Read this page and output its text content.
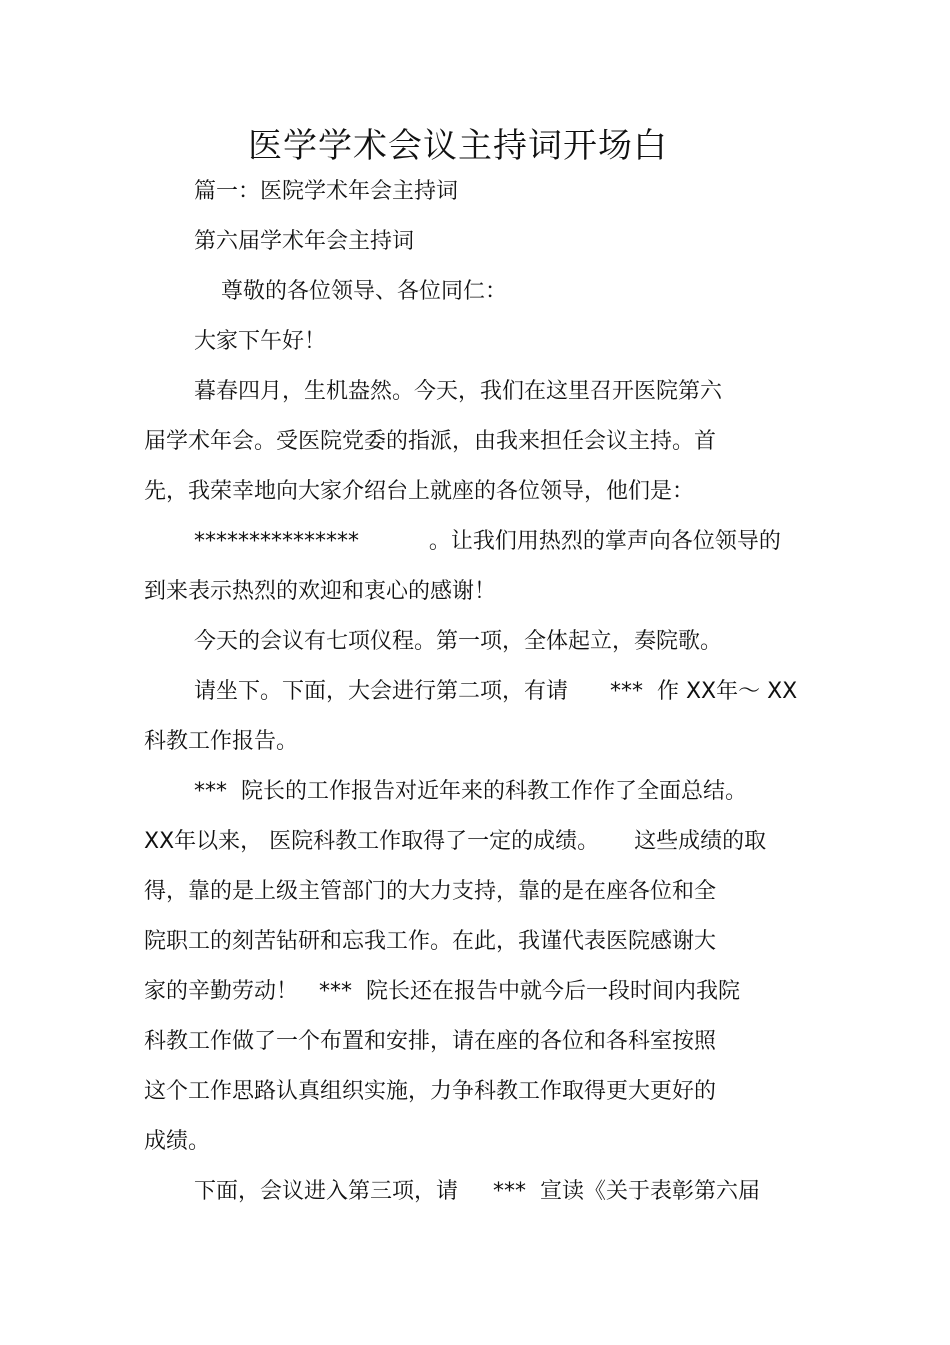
医学学术会议主持词开场白
篇一：医院学术年会主持词
第六届学术年会主持词
尊敬的各位领导、各位同仁：
大家下午好！
暮春四月，生机盎然。今天，我们在这里召开医院第六
届学术年会。受医院党委的指派，由我来担任会议主持。首
先，我荣幸地向大家介绍台上就座的各位领导，他们是：
***************          。让我们用热烈的掌声向各位领导的
到来表示热烈的欢迎和衷心的感谢！
今天的会议有七项仪程。第一项，全体起立，奏院歌。
请坐下。下面，大会进行第二项，有请      ***  作 XX年～ XX
科教工作报告。
***  院长的工作报告对近年来的科教工作作了全面总结。
XX年以来， 医院科教工作取得了一定的成绩。     这些成绩的取
得，靠的是上级主管部门的大力支持，靠的是在座各位和全
院职工的刻苦钻研和忘我工作。在此，我谨代表医院感谢大
家的辛勤劳动！   ***  院长还在报告中就今后一段时间内我院
科教工作做了一个布置和安排，请在座的各位和各科室按照
这个工作思路认真组织实施，力争科教工作取得更大更好的
成绩。
下面，会议进入第三项，请     ***  宣读《关于表彰第六届
